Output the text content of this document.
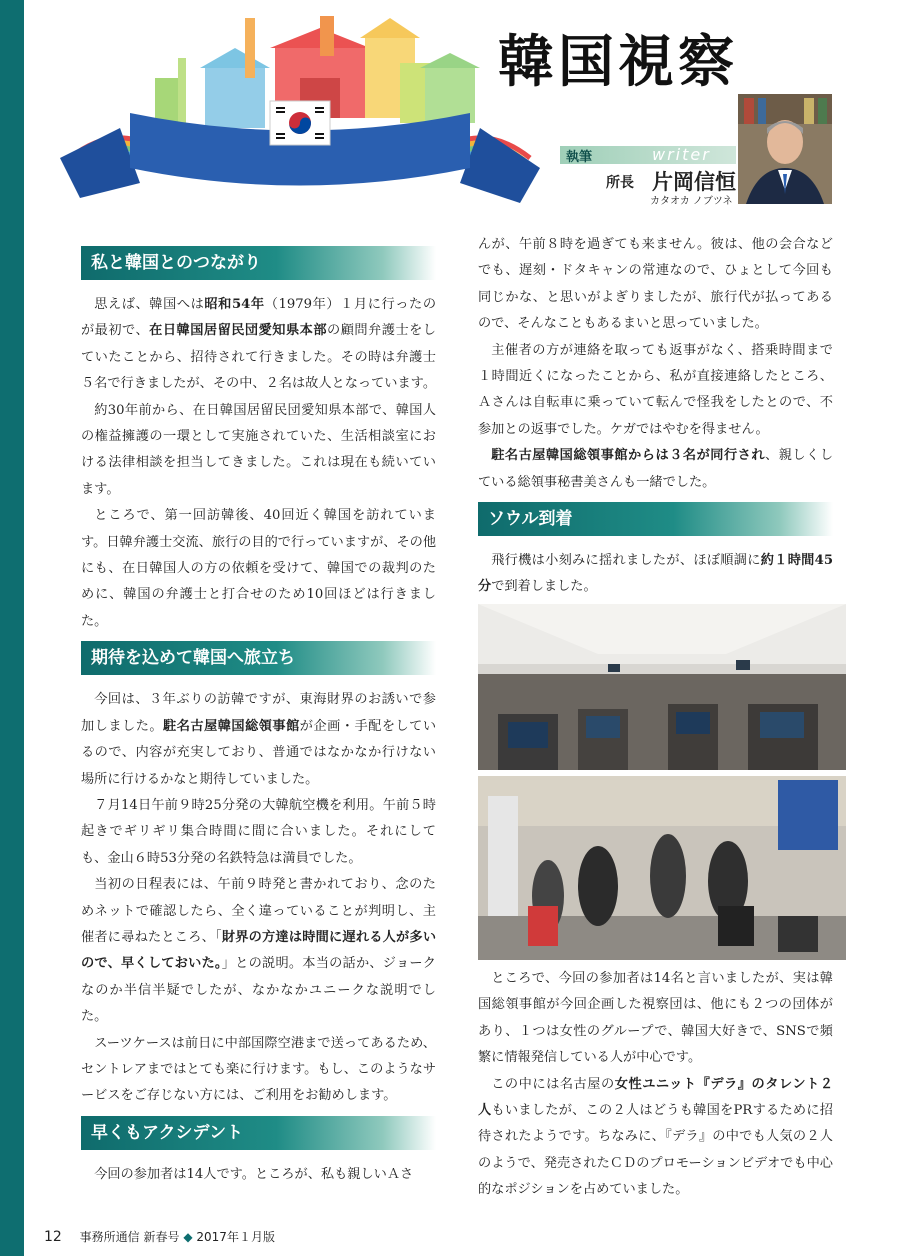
韓国視察
執筆	writer
所長 片岡信恒
カタオカ ノブツネ
私と韓国とのつながり

思えば、韓国へは昭和54年（1979年）１月に行ったのが最初で、在日韓国居留民団愛知県本部の顧問弁護士をしていたことから、招待されて行きました。その時は弁護士５名で行きましたが、その中、２名は故人となっています。

約30年前から、在日韓国居留民団愛知県本部で、韓国人の権益擁護の一環として実施されていた、生活相談室における法律相談を担当してきました。これは現在も続いています。

ところで、第一回訪韓後、40回近く韓国を訪れています。日韓弁護士交流、旅行の目的で行っていますが、その他にも、在日韓国人の方の依頼を受けて、韓国での裁判のために、韓国の弁護士と打合せのため10回ほどは行きました。

期待を込めて韓国へ旅立ち

今回は、３年ぶりの訪韓ですが、東海財界のお誘いで参加しました。駐名古屋韓国総領事館が企画・手配をしているので、内容が充実しており、普通ではなかなか行けない場所に行けるかなと期待していました。

７月14日午前９時25分発の大韓航空機を利用。午前５時起きでギリギリ集合時間に間に合いました。それにしても、金山６時53分発の名鉄特急は満員でした。

当初の日程表には、午前９時発と書かれており、念のためネットで確認したら、全く違っていることが判明し、主催者に尋ねたところ、「財界の方達は時間に遅れる人が多いので、早くしておいた。」との説明。本当の話か、ジョークなのか半信半疑でしたが、なかなかユニークな説明でした。

スーツケースは前日に中部国際空港まで送ってあるため、セントレアまではとても楽に行けます。もし、このようなサービスをご存じない方には、ご利用をお勧めします。

早くもアクシデント

今回の参加者は14人です。ところが、私も親しいＡさ

んが、午前８時を過ぎても来ません。彼は、他の会合などでも、遅刻・ドタキャンの常連なので、ひょとして今回も同じかな、と思いがよぎりましたが、旅行代が払ってあるので、そんなこともあるまいと思っていました。

主催者の方が連絡を取っても返事がなく、搭乗時間まで１時間近くになったことから、私が直接連絡したところ、Ａさんは自転車に乗っていて転んで怪我をしたとので、不参加との返事でした。ケガではやむを得ません。

駐名古屋韓国総領事館からは３名が同行され、親しくしている総領事秘書美さんも一緒でした。

ソウル到着

飛行機は小刻みに揺れましたが、ほぼ順調に約１時間45分で到着しました。

ところで、今回の参加者は14名と言いましたが、実は韓国総領事館が今回企画した視察団は、他にも２つの団体があり、１つは女性のグループで、韓国大好きで、SNSで頻繁に情報発信している人が中心です。

この中には名古屋の女性ユニット『デラ』のタレント２人もいましたが、この２人はどうも韓国をPRするために招待されたようです。ちなみに、『デラ』の中でも人気の２人のようで、発売されたＣＤのプロモーションビデオでも中心的なポジションを占めていました。

12 事務所通信 新春号 ◆ 2017年１月版
